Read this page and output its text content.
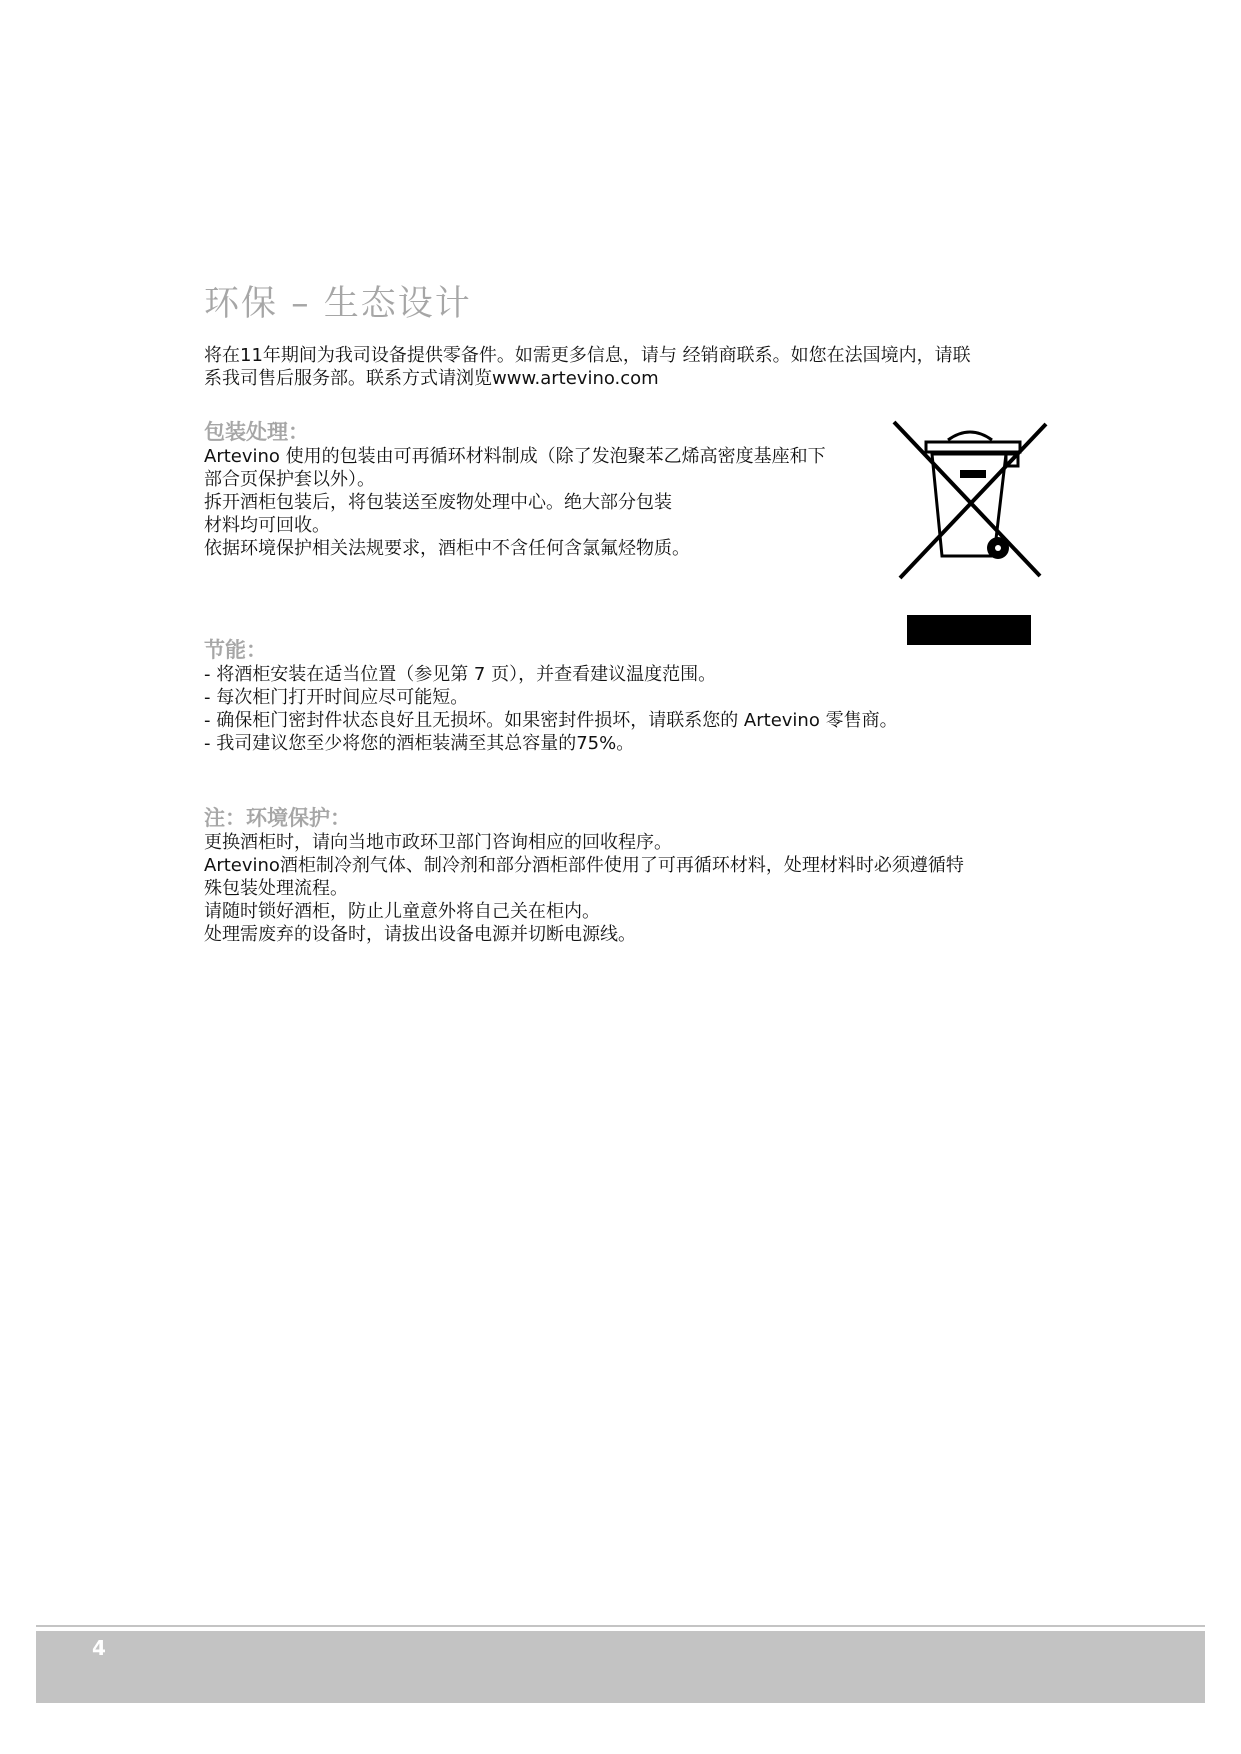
环保 – 生态设计

将在11年期间为我司设备提供零备件。如需更多信息，请与 经销商联系。如您在法国境内，请联

系我司售后服务部。联系方式请浏览www.artevino.com

包装处理：

Artevino 使用的包装由可再循环材料制成（除了发泡聚苯乙烯高密度基座和下

部合页保护套以外）。

拆开酒柜包装后，将包装送至废物处理中心。绝大部分包装

材料均可回收。

依据环境保护相关法规要求，酒柜中不含任何含氯氟烃物质。

节能：

- 将酒柜安装在适当位置（参见第 7 页），并查看建议温度范围。

- 每次柜门打开时间应尽可能短。

- 确保柜门密封件状态良好且无损坏。如果密封件损坏，请联系您的 Artevino 零售商。

- 我司建议您至少将您的酒柜装满至其总容量的75%。

注：环境保护：

更换酒柜时，请向当地市政环卫部门咨询相应的回收程序。

Artevino酒柜制冷剂气体、制冷剂和部分酒柜部件使用了可再循环材料，处理材料时必须遵循特

殊包装处理流程。

请随时锁好酒柜，防止儿童意外将自己关在柜内。

处理需废弃的设备时，请拔出设备电源并切断电源线。

4
